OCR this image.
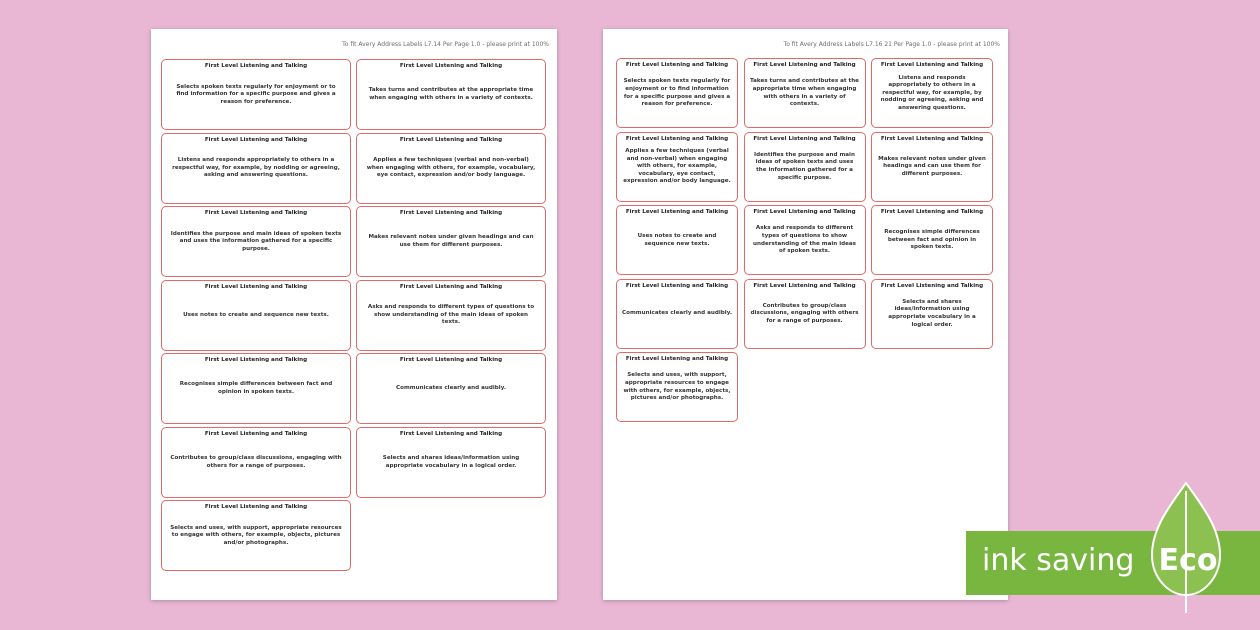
To fit Avery Address Labels L7.14 Per Page 1.0 - please print at 100%
First Level Listening and Talking
Selects spoken texts regularly for enjoyment or to find information for a specific purpose and gives a reason for preference.
First Level Listening and Talking
Takes turns and contributes at the appropriate time when engaging with others in a variety of contexts.
First Level Listening and Talking
Listens and responds appropriately to others in a respectful way, for example, by nodding or agreeing, asking and answering questions.
First Level Listening and Talking
Applies a few techniques (verbal and non-verbal) when engaging with others, for example, vocabulary, eye contact, expression and/or body language.
First Level Listening and Talking
Identifies the purpose and main ideas of spoken texts and uses the information gathered for a specific purpose.
First Level Listening and Talking
Makes relevant notes under given headings and can use them for different purposes.
First Level Listening and Talking
Uses notes to create and sequence new texts.
First Level Listening and Talking
Asks and responds to different types of questions to show understanding of the main ideas of spoken texts.
First Level Listening and Talking
Recognises simple differences between fact and opinion in spoken texts.
First Level Listening and Talking
Communicates clearly and audibly.
First Level Listening and Talking
Contributes to group/class discussions, engaging with others for a range of purposes.
First Level Listening and Talking
Selects and shares ideas/information using appropriate vocabulary in a logical order.
First Level Listening and Talking
Selects and uses, with support, appropriate resources to engage with others, for example, objects, pictures and/or photographs.
To fit Avery Address Labels L7.16 21 Per Page 1.0 - please print at 100%
First Level Listening and Talking
Selects spoken texts regularly for enjoyment or to find information for a specific purpose and gives a reason for preference.
First Level Listening and Talking
Takes turns and contributes at the appropriate time when engaging with others in a variety of contexts.
First Level Listening and Talking
Listens and responds appropriately to others in a respectful way, for example, by nodding or agreeing, asking and answering questions.
First Level Listening and Talking
Applies a few techniques (verbal and non-verbal) when engaging with others, for example, vocabulary, eye contact, expression and/or body language.
First Level Listening and Talking
Identifies the purpose and main ideas of spoken texts and uses the information gathered for a specific purpose.
First Level Listening and Talking
Makes relevant notes under given headings and can use them for different purposes.
First Level Listening and Talking
Uses notes to create and sequence new texts.
First Level Listening and Talking
Asks and responds to different types of questions to show understanding of the main ideas of spoken texts.
First Level Listening and Talking
Recognises simple differences between fact and opinion in spoken texts.
First Level Listening and Talking
Communicates clearly and audibly.
First Level Listening and Talking
Contributes to group/class discussions, engaging with others for a range of purposes.
First Level Listening and Talking
Selects and shares ideas/information using appropriate vocabulary in a logical order.
First Level Listening and Talking
Selects and uses, with support, appropriate resources to engage with others, for example, objects, pictures and/or photographs.
ink saving Eco
